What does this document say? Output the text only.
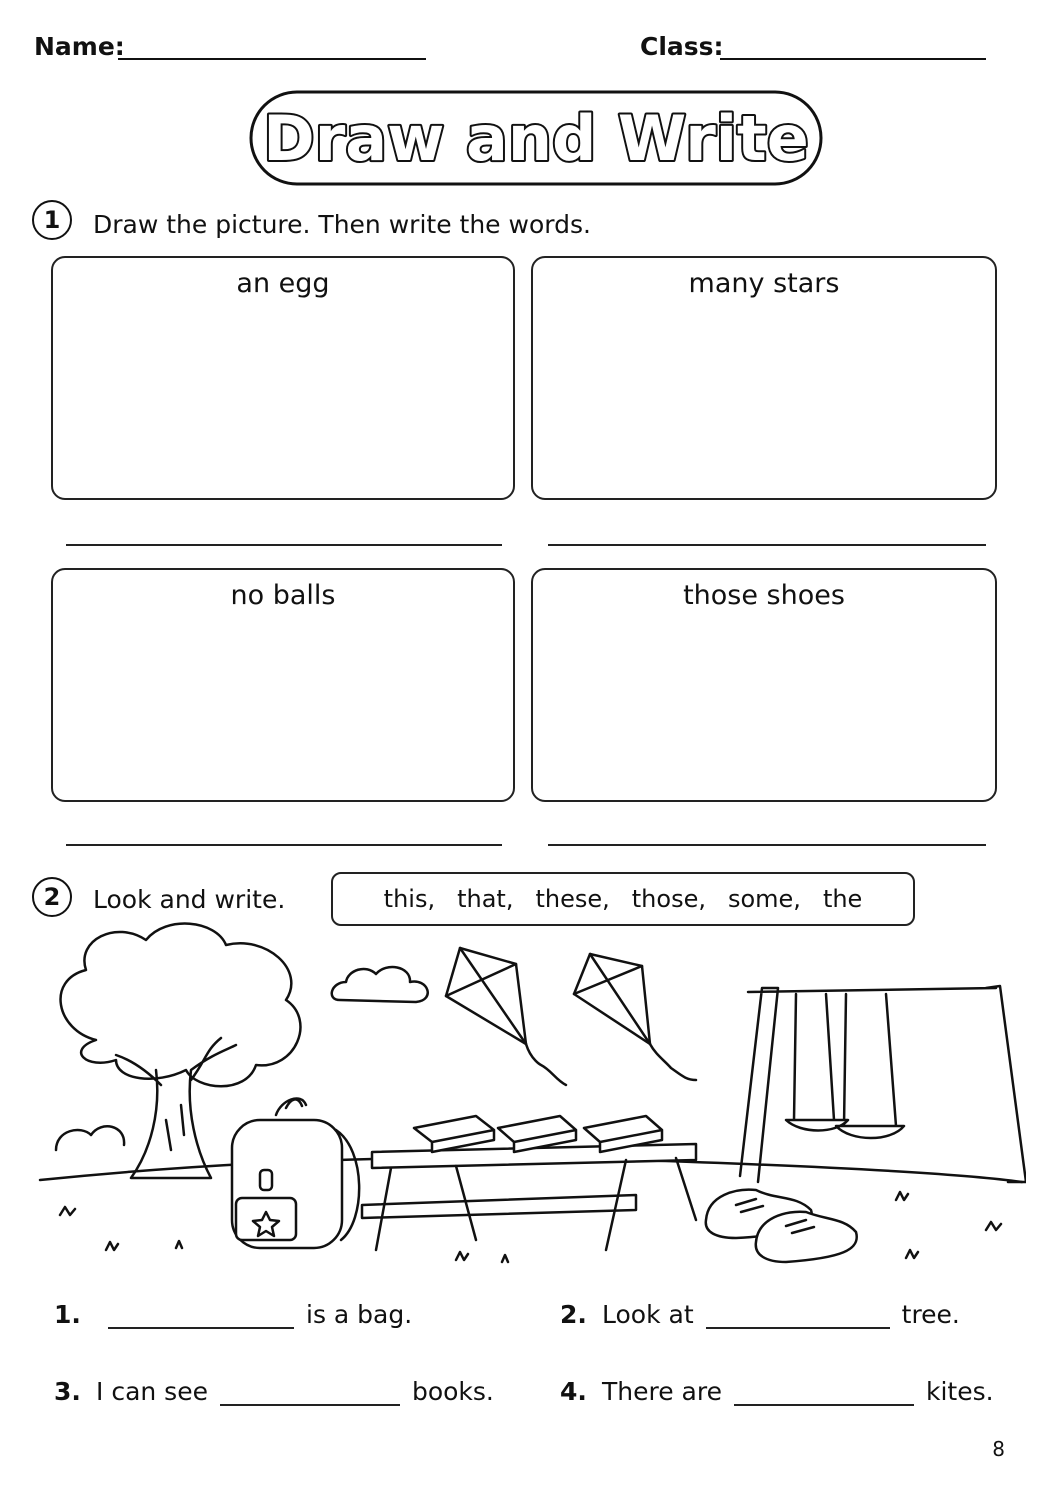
Name:	Class:
Draw and Write
1	Draw the picture. Then write the words.
an egg	many stars
no balls	those shoes
2	Look and write.	this, that, these, those, some, the
1.	is a bag.	2. Look at	tree.
3. I can see	books.	4. There are	kites.
8
